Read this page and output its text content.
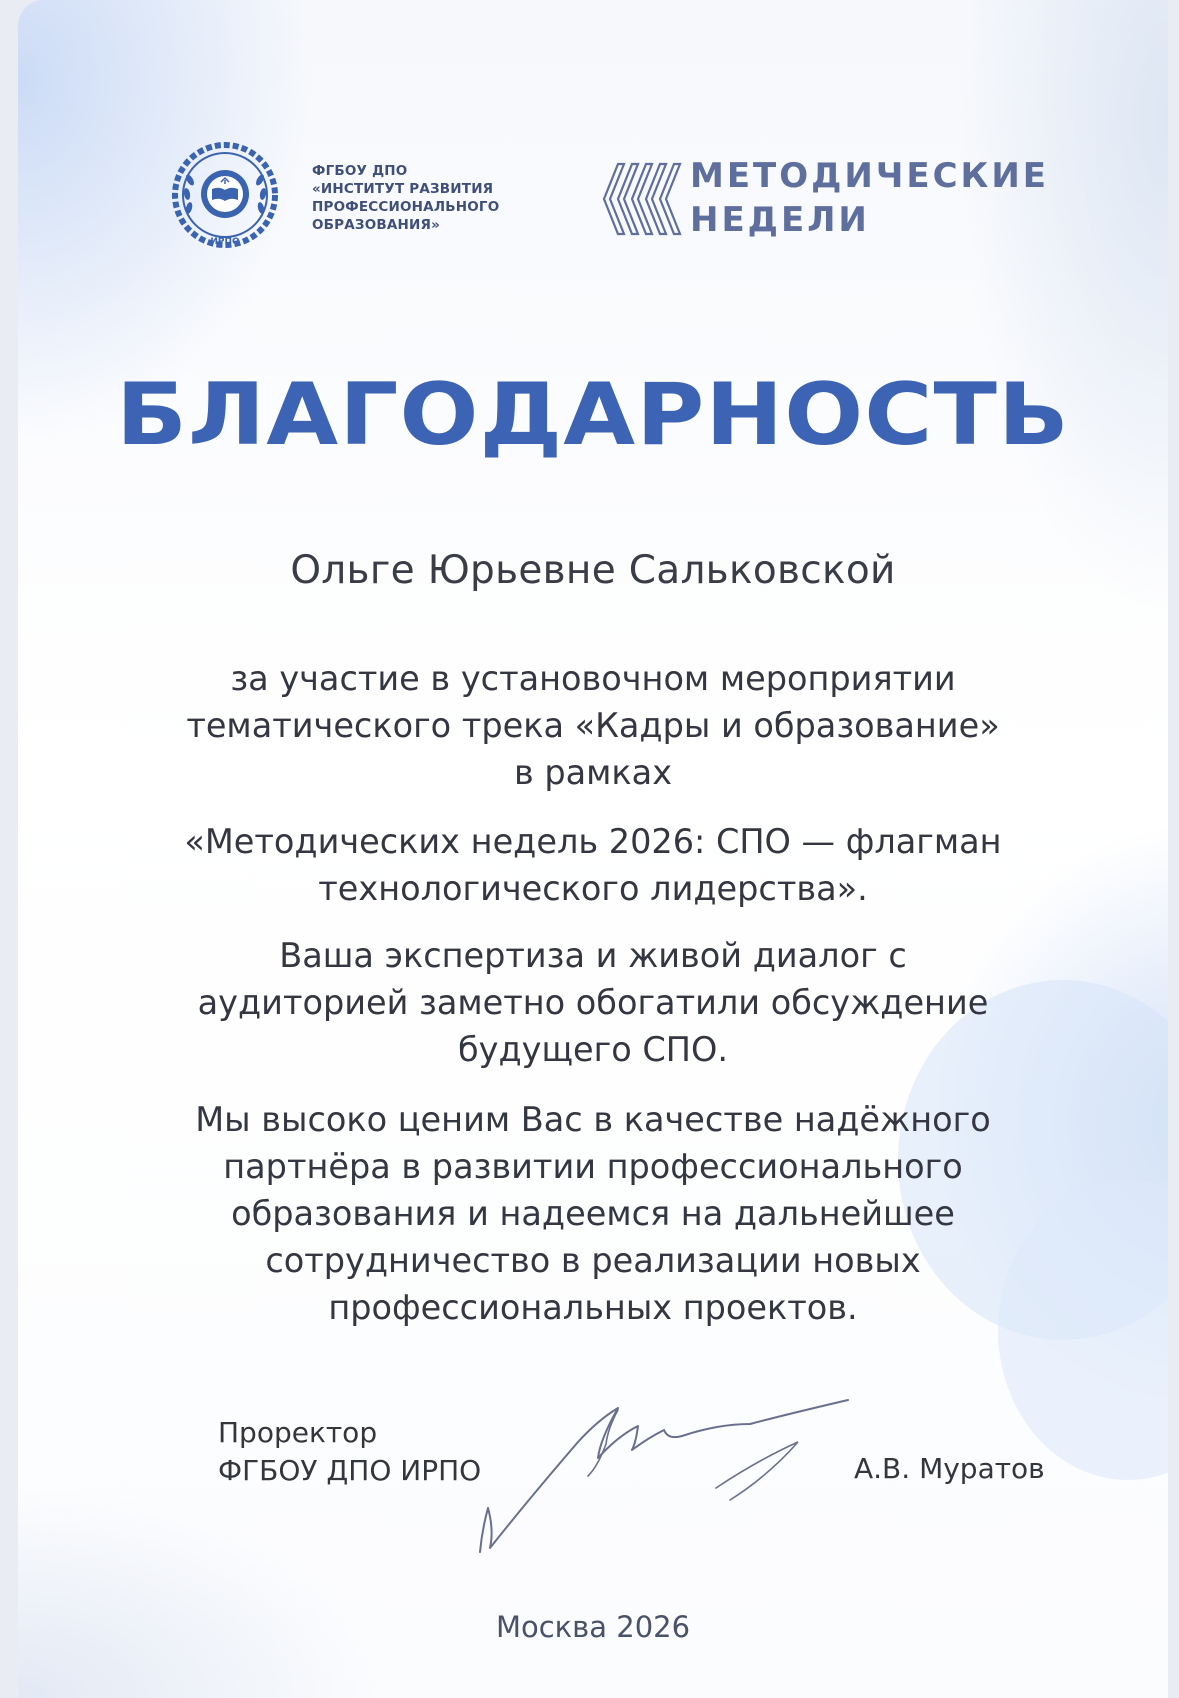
ИРПО
ФГБОУ ДПО
«ИНСТИТУТ РАЗВИТИЯ
ПРОФЕССИОНАЛЬНОГО
ОБРАЗОВАНИЯ»
МЕТОДИЧЕСКИЕ
НЕДЕЛИ
БЛАГОДАРНОСТЬ
Ольге Юрьевне Сальковской
за участие в установочном мероприятии
тематического трека «Кадры и образование»
в рамках
«Методических недель 2026: СПО — флагман
технологического лидерства».
Ваша экспертиза и живой диалог с
аудиторией заметно обогатили обсуждение
будущего СПО.
Мы высоко ценим Вас в качестве надёжного
партнёра в развитии профессионального
образования и надеемся на дальнейшее
сотрудничество в реализации новых
профессиональных проектов.
Проректор
ФГБОУ ДПО ИРПО	А.В. Муратов
Москва 2026
